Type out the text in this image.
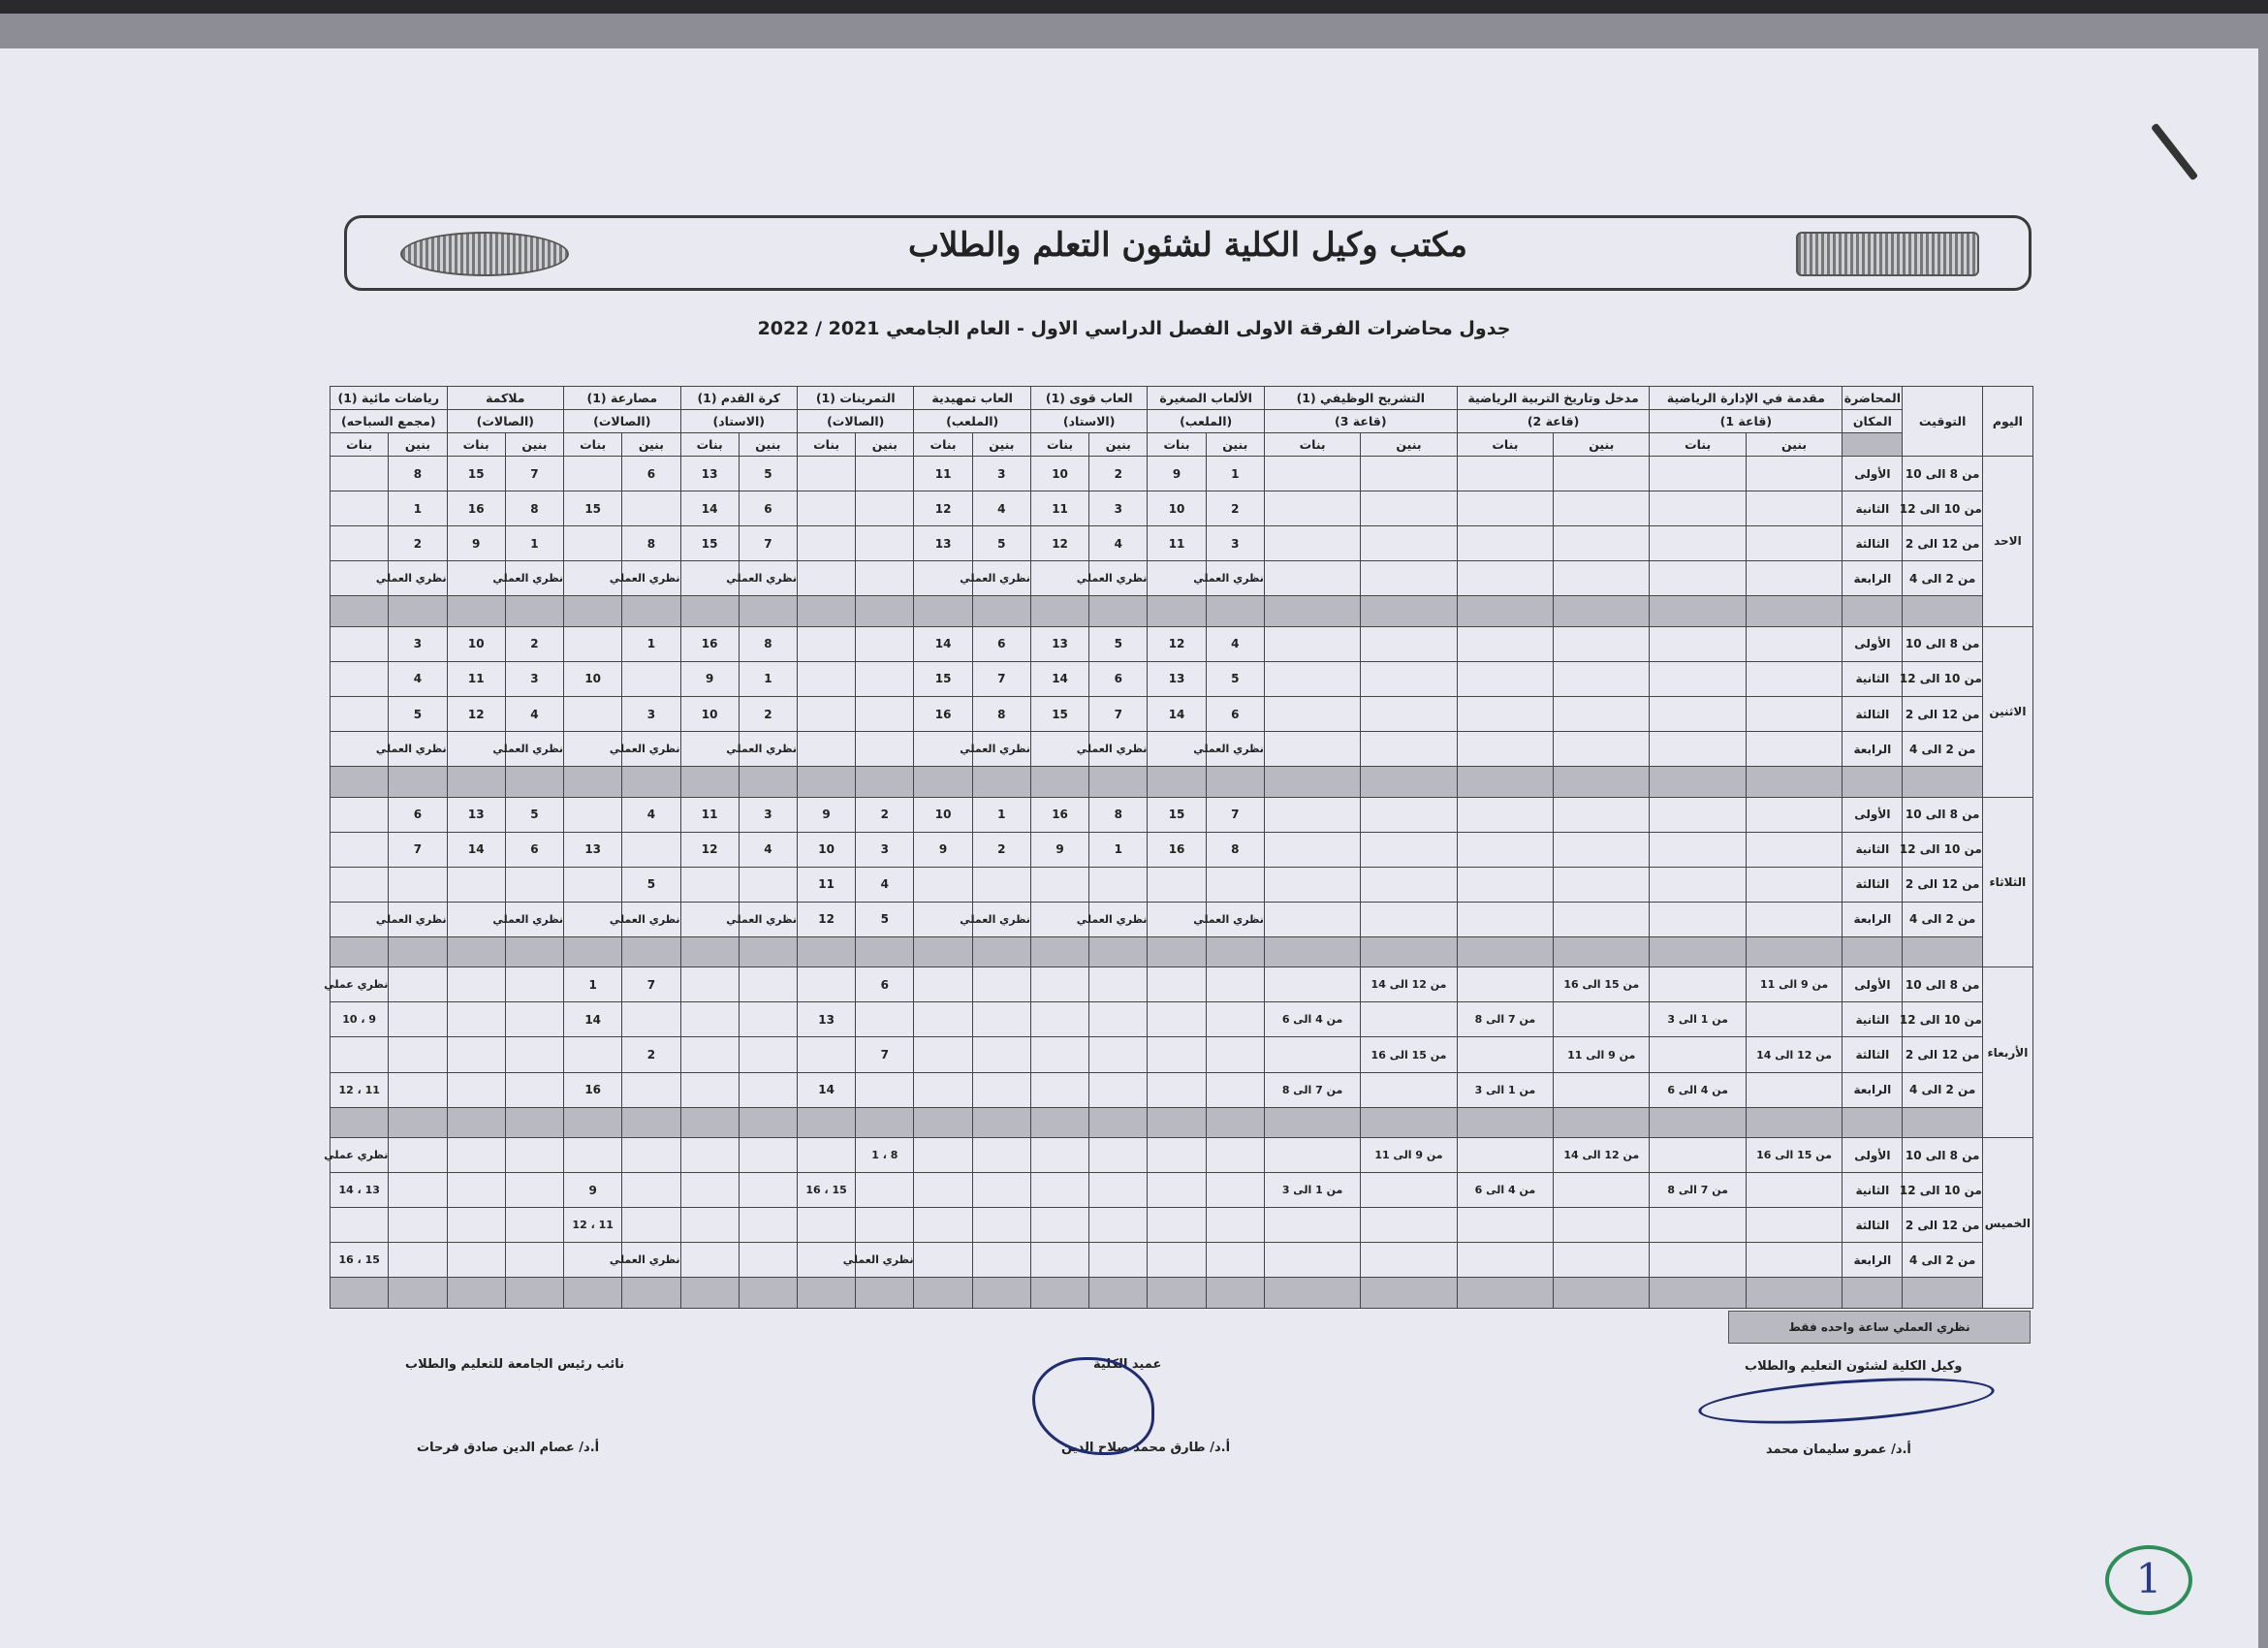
مكتب وكيل الكلية لشئون التعلم والطلاب
جدول محاضرات الفرقة الاولى الفصل الدراسي الاول - العام الجامعي 2021 / 2022
اليوم	التوقيت	المحاضرة	مقدمة في الإدارة الرياضية		مدخل وتاريخ التربية الرياضية		التشريح الوظيفي (1)		الألعاب الصغيرة		العاب قوى (1)		العاب تمهيدية		التمرينات (1)		كرة القدم (1)		مصارعة (1)		ملاكمة		رياضات مائية (1)	
		المكان	(قاعة 1)		(قاعة 2)		(قاعة 3)		(الملعب)		(الاستاد)		(الملعب)		(الصالات)		(الاستاد)		(الصالات)		(الصالات)		(مجمع السباحه)	
			بنين	بنات	بنين	بنات	بنين	بنات	بنين	بنات	بنين	بنات	بنين	بنات	بنين	بنات	بنين	بنات	بنين	بنات	بنين	بنات	بنين	بنات
الاحد	من 8 الى 10	الأولى							1	9	2	10	3	11			5	13	6		7	15	8	
	من 10 الى 12	الثانية							2	10	3	11	4	12			6	14		15	8	16	1	
	من 12 الى 2	الثالثة							3	11	4	12	5	13			7	15	8		1	9	2	
	من 2 الى 4	الرابعة							نظري العملي		نظري العملي		نظري العملي				نظري العملي		نظري العملي		نظري العملي		نظري العملي	

الاثنين	من 8 الى 10	الأولى							4	12	5	13	6	14			8	16	1		2	10	3	
	من 10 الى 12	الثانية							5	13	6	14	7	15			1	9		10	3	11	4	
	من 12 الى 2	الثالثة							6	14	7	15	8	16			2	10	3		4	12	5	
	من 2 الى 4	الرابعة							نظري العملي		نظري العملي		نظري العملي				نظري العملي		نظري العملي		نظري العملي		نظري العملي	

الثلاثاء	من 8 الى 10	الأولى							7	15	8	16	1	10	2	9	3	11	4		5	13	6	
	من 10 الى 12	الثانية							8	16	1	9	2	9	3	10	4	12		13	6	14	7	
	من 12 الى 2	الثالثة													4	11			5					
	من 2 الى 4	الرابعة							نظري العملي		نظري العملي		نظري العملي		5	12	نظري العملي		نظري العملي		نظري العملي		نظري العملي	

الأربعاء	من 8 الى 10	الأولى	من 9 الى 11		من 15 الى 16		من 12 الى 14								6				7	1				نظري عملي
	من 10 الى 12	الثانية		من 1 الى 3		من 7 الى 8		من 4 الى 6								13				14				9 ، 10
	من 12 الى 2	الثالثة	من 12 الى 14		من 9 الى 11		من 15 الى 16								7				2					
	من 2 الى 4	الرابعة		من 4 الى 6		من 1 الى 3		من 7 الى 8								14				16				11 ، 12

الخميس	من 8 الى 10	الأولى	من 15 الى 16		من 12 الى 14		من 9 الى 11								8 ، 1									نظري عملي
	من 10 الى 12	الثانية		من 7 الى 8		من 4 الى 6		من 1 الى 3								15 ، 16				9				13 ، 14
	من 12 الى 2	الثالثة																		11 ، 12				
	من 2 الى 4	الرابعة													نظري العملي				نظري العملي					15 ، 16

نظري العملي ساعة واحده فقط
وكيل الكلية لشئون التعليم والطلاب
أ.د/ عمرو سليمان محمد
عميد الكلية
أ.د/ طارق محمد صلاح الدين
نائب رئيس الجامعة للتعليم والطلاب
أ.د/ عصام الدين صادق فرحات
1
